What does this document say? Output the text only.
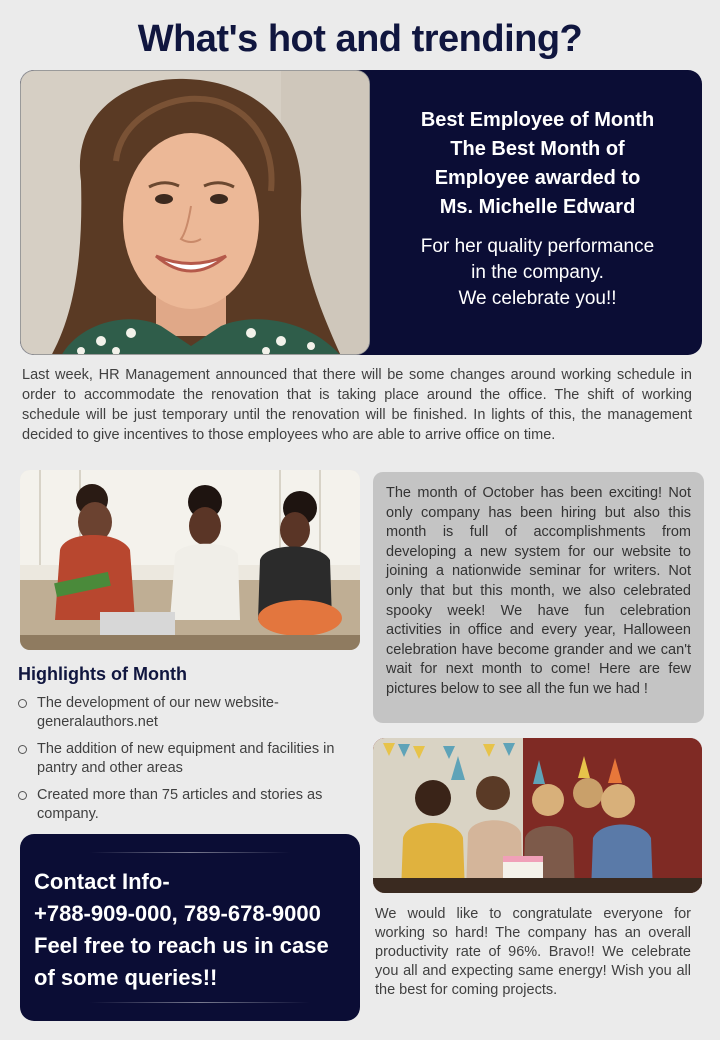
What's hot and trending?
Best Employee of Month
The Best Month of
Employee awarded to
Ms. Michelle Edward
For her quality performance
in the company.
We celebrate you!!
Last week, HR Management announced that there will be some changes around working schedule in order to accommodate the renovation that is taking place around the office. The shift of working schedule will be just temporary until the renovation will be finished. In lights of this, the management decided to give incentives to those employees who are able to arrive office on time.
Highlights of Month
The development of our new website- generalauthors.net
The addition of new equipment and facilities in pantry and other areas
Created more than 75 articles and stories as company.
Contact Info-
+788-909-000, 789-678-9000
Feel free to reach us in case of some queries!!
The month of October has been exciting! Not only company has been hiring but also this month is full of accomplishments from developing a new system for our website to joining a nationwide seminar for writers. Not only that but this month, we also celebrated spooky week! We have fun celebration activities in office and every year, Halloween celebration have become grander and we can't wait for next month to come! Here are few pictures below to see all the fun we had !
We would like to congratulate everyone for working so hard! The company has an overall productivity rate of 96%. Bravo!! We celebrate you all and expecting same energy! Wish you all the best for coming projects.
